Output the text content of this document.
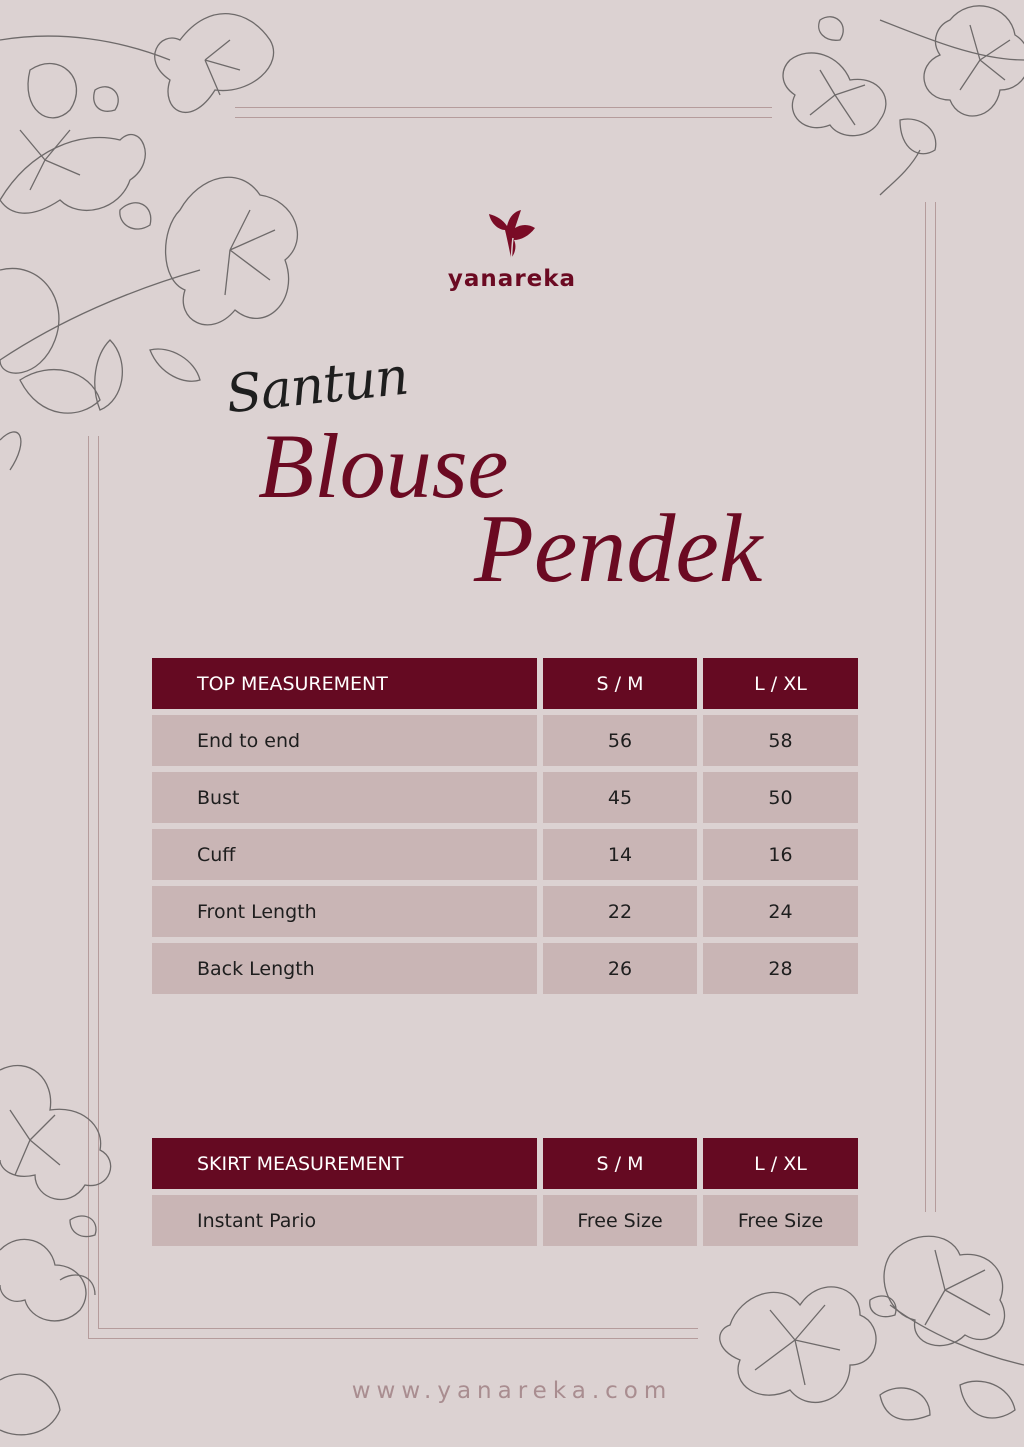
yanareka
Santun
Blouse
Pendek
TOP MEASUREMENT	S / M	L / XL
End to end	56	58
Bust	45	50
Cuff	14	16
Front Length	22	24
Back Length	26	28
SKIRT MEASUREMENT	S / M	L / XL
Instant Pario	Free Size	Free Size
www.yanareka.com
